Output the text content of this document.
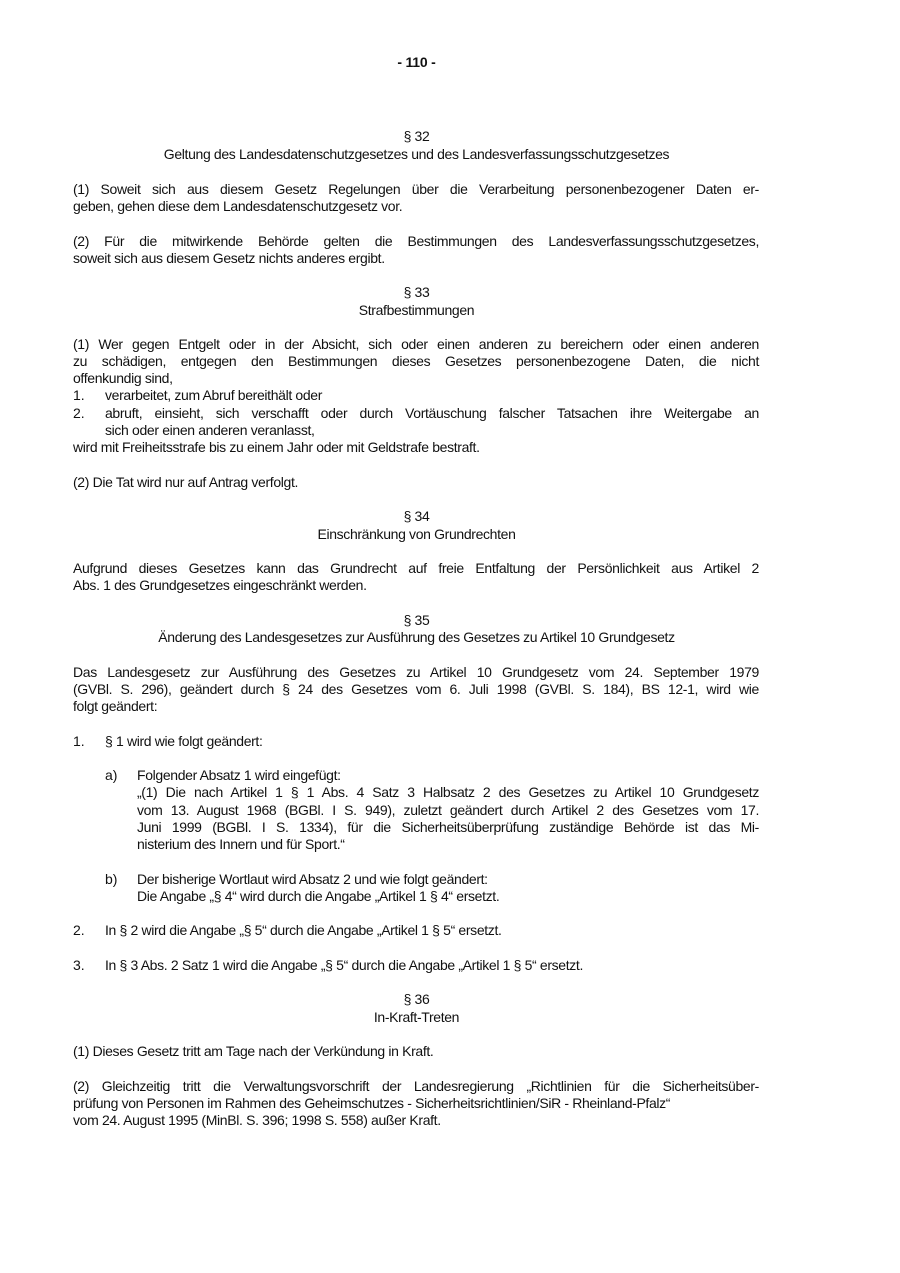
- 110 -
§ 32
Geltung des Landesdatenschutzgesetzes und des Landesverfassungsschutzgesetzes
(1) Soweit sich aus diesem Gesetz Regelungen über die Verarbeitung personenbezogener Daten er-
geben, gehen diese dem Landesdatenschutzgesetz vor.
(2) Für die mitwirkende Behörde gelten die Bestimmungen des Landesverfassungsschutzgesetzes,
soweit sich aus diesem Gesetz nichts anderes ergibt.
§ 33
Strafbestimmungen
(1) Wer gegen Entgelt oder in der Absicht, sich oder einen anderen zu bereichern oder einen anderen
zu schädigen, entgegen den Bestimmungen dieses Gesetzes personenbezogene Daten, die nicht
offenkundig sind,
1. verarbeitet, zum Abruf bereithält oder
2. abruft, einsieht, sich verschafft oder durch Vortäuschung falscher Tatsachen ihre Weitergabe an
sich oder einen anderen veranlasst,
wird mit Freiheitsstrafe bis zu einem Jahr oder mit Geldstrafe bestraft.
(2) Die Tat wird nur auf Antrag verfolgt.
§ 34
Einschränkung von Grundrechten
Aufgrund dieses Gesetzes kann das Grundrecht auf freie Entfaltung der Persönlichkeit aus Artikel 2
Abs. 1 des Grundgesetzes eingeschränkt werden.
§ 35
Änderung des Landesgesetzes zur Ausführung des Gesetzes zu Artikel 10 Grundgesetz
Das Landesgesetz zur Ausführung des Gesetzes zu Artikel 10 Grundgesetz vom 24. September 1979
(GVBl. S. 296), geändert durch § 24 des Gesetzes vom 6. Juli 1998 (GVBl. S. 184), BS 12-1, wird wie
folgt geändert:
1. § 1 wird wie folgt geändert:
a) Folgender Absatz 1 wird eingefügt:
„(1) Die nach Artikel 1 § 1 Abs. 4 Satz 3 Halbsatz 2 des Gesetzes zu Artikel 10 Grundgesetz
vom 13. August 1968 (BGBl. I S. 949), zuletzt geändert durch Artikel 2 des Gesetzes vom 17.
Juni 1999 (BGBl. I S. 1334), für die Sicherheitsüberprüfung zuständige Behörde ist das Mi-
nisterium des Innern und für Sport.“
b) Der bisherige Wortlaut wird Absatz 2 und wie folgt geändert:
Die Angabe „§ 4“ wird durch die Angabe „Artikel 1 § 4“ ersetzt.
2. In § 2 wird die Angabe „§ 5“ durch die Angabe „Artikel 1 § 5“ ersetzt.
3. In § 3 Abs. 2 Satz 1 wird die Angabe „§ 5“ durch die Angabe „Artikel 1 § 5“ ersetzt.
§ 36
In-Kraft-Treten
(1) Dieses Gesetz tritt am Tage nach der Verkündung in Kraft.
(2) Gleichzeitig tritt die Verwaltungsvorschrift der Landesregierung „Richtlinien für die Sicherheitsüber-
prüfung von Personen im Rahmen des Geheimschutzes - Sicherheitsrichtlinien/SiR - Rheinland-Pfalz“
vom 24. August 1995 (MinBl. S. 396; 1998 S. 558) außer Kraft.
